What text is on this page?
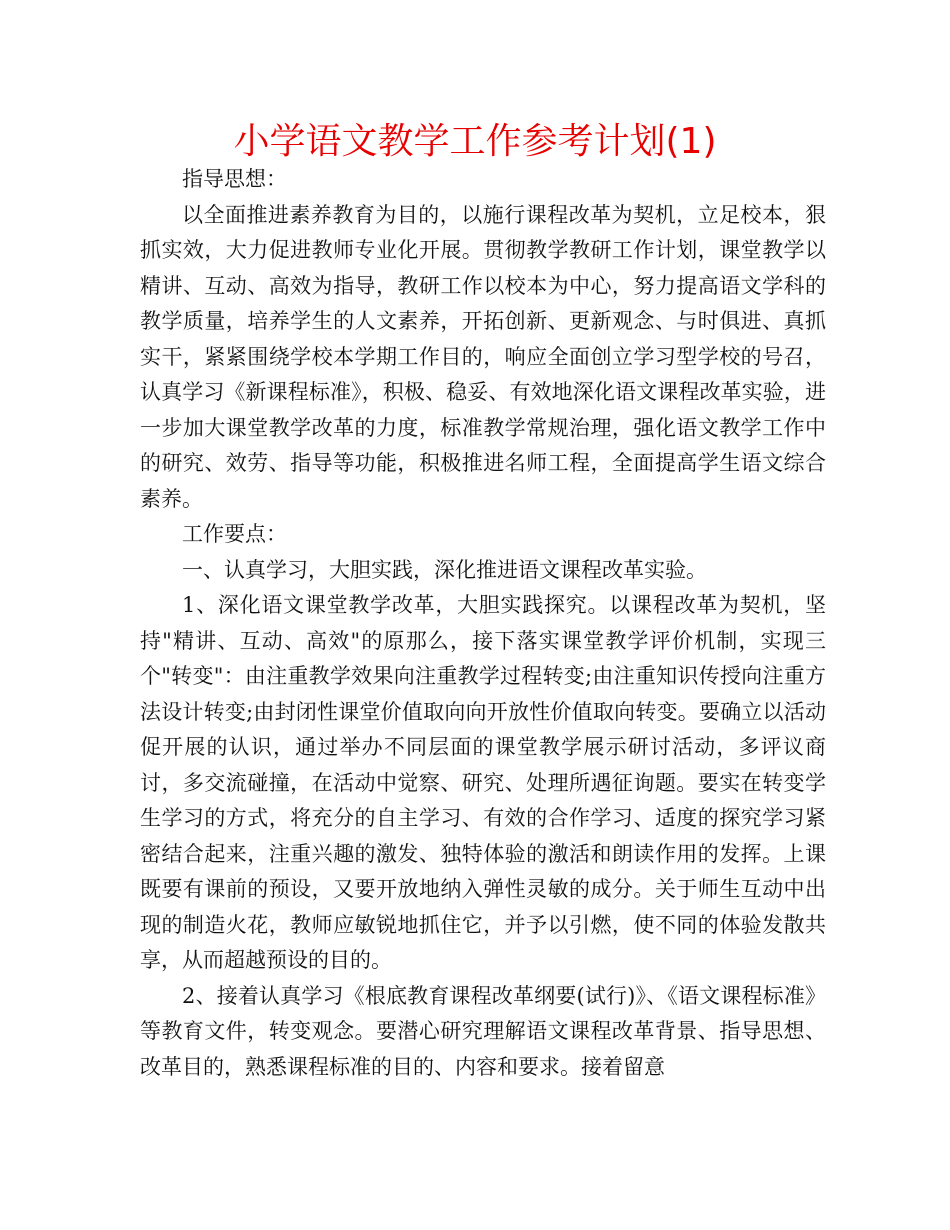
小学语文教学工作参考计划(1)

指导思想：

以全面推进素养教育为目的，以施行课程改革为契机，立足校本，狠抓实效，大力促进教师专业化开展。贯彻教学教研工作计划，课堂教学以精讲、互动、高效为指导，教研工作以校本为中心，努力提高语文学科的教学质量，培养学生的人文素养，开拓创新、更新观念、与时俱进、真抓实干，紧紧围绕学校本学期工作目的，响应全面创立学习型学校的号召，认真学习《新课程标准》，积极、稳妥、有效地深化语文课程改革实验，进一步加大课堂教学改革的力度，标准教学常规治理，强化语文教学工作中的研究、效劳、指导等功能，积极推进名师工程，全面提高学生语文综合素养。

工作要点：

一、认真学习，大胆实践，深化推进语文课程改革实验。

1、深化语文课堂教学改革，大胆实践探究。以课程改革为契机，坚持"精讲、互动、高效"的原那么，接下落实课堂教学评价机制，实现三个"转变"：由注重教学效果向注重教学过程转变;由注重知识传授向注重方法设计转变;由封闭性课堂价值取向向开放性价值取向转变。要确立以活动促开展的认识，通过举办不同层面的课堂教学展示研讨活动，多评议商讨，多交流碰撞，在活动中觉察、研究、处理所遇征询题。要实在转变学生学习的方式，将充分的自主学习、有效的合作学习、适度的探究学习紧密结合起来，注重兴趣的激发、独特体验的激活和朗读作用的发挥。上课既要有课前的预设，又要开放地纳入弹性灵敏的成分。关于师生互动中出现的制造火花，教师应敏锐地抓住它，并予以引燃，使不同的体验发散共享，从而超越预设的目的。

2、接着认真学习《根底教育课程改革纲要(试行)》、《语文课程标准》等教育文件，转变观念。要潜心研究理解语文课程改革背景、指导思想、改革目的，熟悉课程标准的目的、内容和要求。接着留意
